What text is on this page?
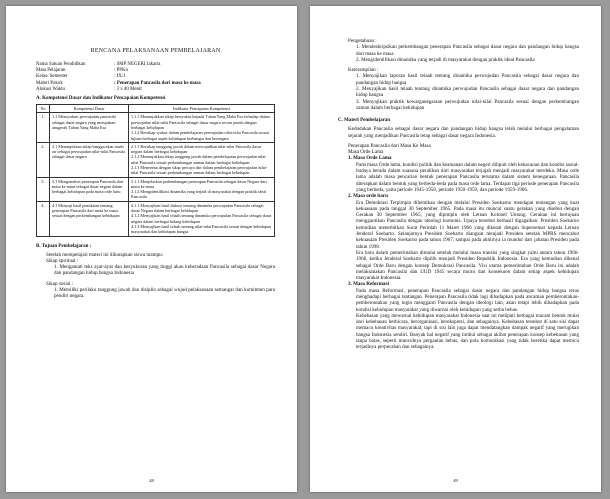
RENCANA PELAKSANAAN PEMBELAJARAN

Nama Satuan Pendidikan	: SMP NEGERI Jakarta
Mata Pelajaran	: PPKn
Kelas/ Semester	: IX/1
Materi Pokok	: Penerapan Pancasila dari masa ke masa
Alokasi Waktu	: 3 x 40 Menit

A. Kompetensi Dasar dan Indikator Pencapaian Kompetensi

No	Kompetensi Dasar	Indikator Pencapaian Kompetensi
1.	1.1 Mensyukuri perwujudan pancasila sebagai dasar negara yang merupakan anugerah Tuhan Yang Maha Esa	1.1.1 Menunjukkan sikap bersyukur kepada Tuhan Yang Maha Esa terhadap dalam perwujudan nilai-nilai Pancasila sebagai dasar negara secara penuh dengan berbagai kehidupan

1.1.2 Bersikap syukur dalam pembelajaran perwujudan nilai-nilai Pancasila sesuai tujuan berbagai aspek kehidupan berbangsa dan bernegara

2.	2.1 Menunjukkan sikap bangga akan tanah air sebagai perwujudan nilai-nilai Pancasila sebagai dasar negara	2.1.1 Bersikap tanggung jawab dalam mewujudkan nilai-nilai Pancasila dasar negara dalam berbagai kehidupan

2.1.2 Menunjukkan sikap tanggung jawab dalam pembelajaran perwujudan nilai-nilai Pancasila sesuai perkembangan zaman dalam berbagai kehidupan

2.1.3 Menerima dengan sikap percaya diri dalam pembelajaran perwujudan nilai-nilai Pancasila sesuai perkembangan zaman dalam berbagai kehidupan

3.	3.1 Menganalisis penerapan Pancasila dari masa ke masa sebagai dasar negara dalam berbagai kehidupan pada masa orde baru	3.1.1 Menjelaskan perkembangan penerapan Pancasila sebagai dasar Negara dari masa ke masa

3.1.2 Mengidentifikasi dinamika yang terjadi di masyarakat dengan praktik ideal Pancasila

4.	4.1 Menyaji hasil pemikiran tentang penerapan Pancasila dari masa ke masa sesuai dengan perkembangan kehidupan	4.1.1 Menyajikan hasil diskusi tentang dinamika perwujudan Pancasila sebagai dasar Negara dalam berbagai kehidupan

4.1.2 Menyajikan hasil telaah tentang dinamika perwujudan Pancasila sebagai dasar negara dalam berbagai bidang kehidupan

4.1.3 Menyajikan hasil telaah tentang nilai-nilai Pancasila sesuai dengan kehidupan masyarakat dan kehidupan bangsa

B. Tujuan Pembelajaran :

Setelah mempelajari materi ini diharapkan siswa mampu:

Sikap spiritual :

1. Mengamati teks ayat-ayat dan kesyukuran yang tinggi akan keberadaan Pancasila sebagai dasar Negara dan pandangan hidup bangsa Indonesia

Sikap sosial :

1. Memiliki perilaku tanggung jawab dan disiplin sebagai wujud pelaksanaan semangat dan komitmen para pendiri negara.

48

Pengetahuan :

1. Mendeskripsikan perkembangan penerapan Pancasila sebagai dasar negara dan pandangan hidup bangsa dari masa ke masa

2. Mengidentifikasi dinamika yang terjadi di masyarakat dengan praktik ideal Pancasila

Keterampilan :

1. Menyajikan laporan hasil telaah tentang dinamika perwujudan Pancasila sebagai dasar negara dan pandangan hidup bangsa

2. Menyajikan hasil telaah tentang dinamika perwujudan Pancasila sebagai dasar negara dan pandangan hidup bangsa

3. Menyajikan praktik kewarganegaraan perwujudan nilai-nilai Pancasila sesuai dengan perkembangan zaman dalam berbagai kehidupan

C. Materi Pembelajaran

Kedudukan Pancasila sebagai dasar negara dan pandangan hidup bangsa telah melalui berbagai pengalaman sejarah yang menjadikan Pancasila tetap sebagai dasar negara Indonesia.

Penerapan Pancasila dari Masa Ke Masa

Masa Orde Lama

1. Masa Orde Lama

Pada masa Orde lama, kondisi politik dan keamanan dalam negeri diliputi oleh kekacauan dan kondisi sosial-budaya berada dalam suasana peralihan dari masyarakat terjajah menjadi masyarakat merdeka. Masa orde lama adalah masa pencarian bentuk penerapan Pancasila terutama dalam sistem kenegaraan. Pancasila diterapkan dalam bentuk yang berbeda-beda pada masa orde lama. Terdapat tiga periode penerapan Pancasila yang berbeda, yaitu periode 1945-1950, periode 1950-1959, dan periode 1959-1966.

2. Masa orde baru

Era Demokrasi Terpimpin dihentikan dengan melalui Presiden Soekarno mendapat tentangan yang kuat kekuasaan pada tanggal 30 September 1965. Pada masa itu muncul suatu gerakan yang disebut dengan Gerakan 30 September 1965, yang dipimpin oleh Letnan Kolonel Untung. Gerakan ini bertujuan menggantikan Pancasila dengan ideologi komunis. Upaya tersebut berhasil digagalkan. Presiden Soekarno kemudian menerbitkan Surat Perintah 11 Maret 1966 yang dikenal dengan Supersemar kepada Letnan Jenderal Soeharto. Selanjutnya Presiden Soeharto diangkat menjadi Presiden setelah MPRS mencabut kekuasaan Presiden Soekarno pada tahun 1967, sampai pada akhirnya ia mundur dari jabatan Presiden pada tahun 1998.

Era baru dalam pemerintahan dimulai setelah melalui masa transisi yang singkat yaitu antara tahun 1966-1968, ketika Jenderal Soeharto dipilih menjadi Presiden Republik Indonesia. Era yang kemudian dikenal sebagai Orde Baru dengan konsep Demokrasi Pancasila. Visi utama pemerintahan Orde Baru ini adalah melaksanakan Pancasila dan UUD 1945 secara murni dan konsekuen dalam setiap aspek kehidupan masyarakat Indonesia.

3. Masa Reformasi

Pada masa Reformasi, penerapan Pancasila sebagai dasar negara dan pandangan hidup bangsa terus menghadapi berbagai tantangan. Penerapan Pancasila tidak lagi dihadapkan pada ancaman pemberontakan-pemberontakan yang ingin mengganti Pancasila dengan ideologi lain, akan tetapi lebih dihadapkan pada kondisi kehidupan masyarakat yang diwarnai oleh kehidupan yang serba bebas.

Kebebasan yang mewarnai kehidupan masyarakat Indonesia saat ini meliputi berbagai macam bentuk mulai dari kebebasan berbicara, berorganisasi, berekspresi, dan sebagainya. Kebebasan tersebut di satu sisi dapat memacu kreativitas masyarakat, tapi di sisi lain juga dapat mendatangkan dampak negatif yang merugikan bangsa Indonesia sendiri. Banyak hal negatif yang timbul sebagai akibat penerapan konsep kebebasan yang tanpa batas, seperti munculnya pergaulan bebas, dan pola komunikasi yang tidak beretika dapat memicu terjadinya perpecahan dan sebagainya.

49
